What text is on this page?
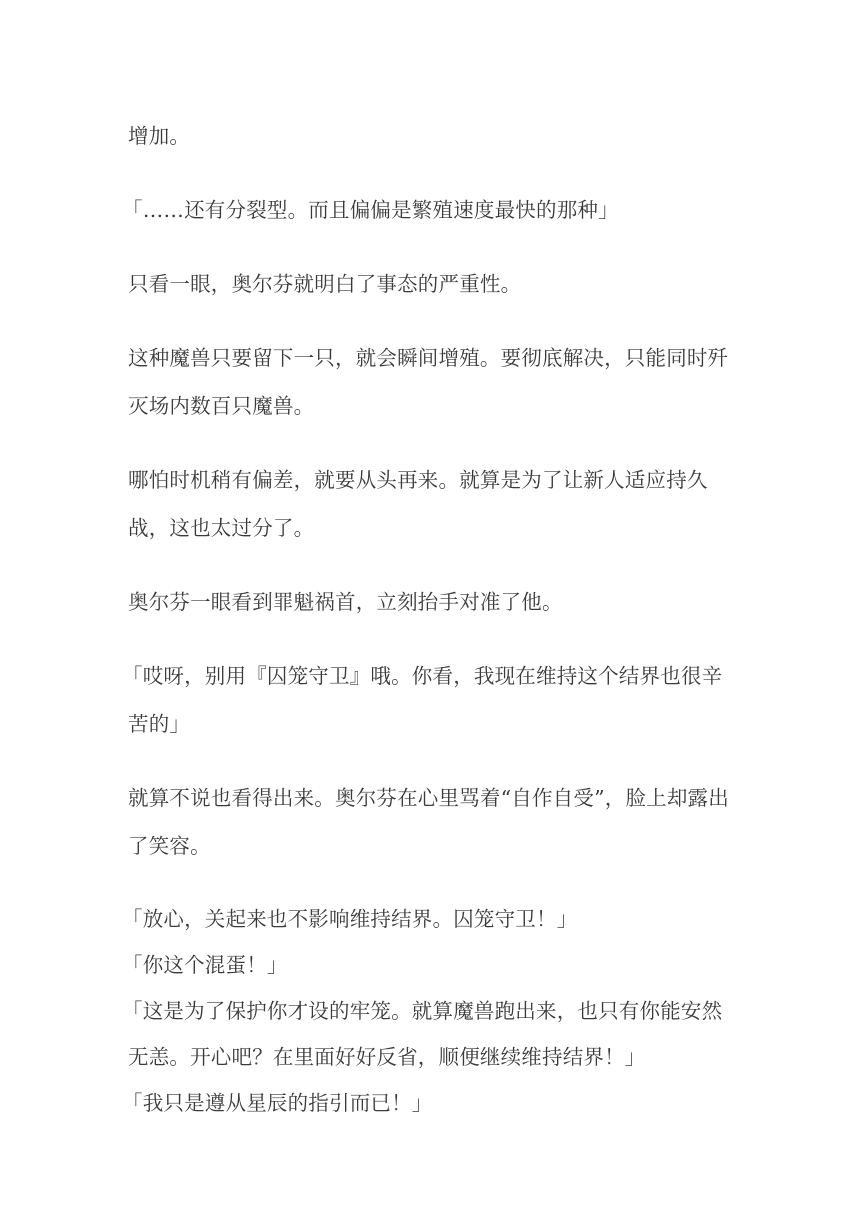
增加。

「……还有分裂型。而且偏偏是繁殖速度最快的那种」

只看一眼，奥尔芬就明白了事态的严重性。

这种魔兽只要留下一只，就会瞬间增殖。要彻底解决，只能同时歼灭场内数百只魔兽。

哪怕时机稍有偏差，就要从头再来。就算是为了让新人适应持久战，这也太过分了。

奥尔芬一眼看到罪魁祸首，立刻抬手对准了他。

「哎呀，别用『囚笼守卫』哦。你看，我现在维持这个结界也很辛苦的」

就算不说也看得出来。奥尔芬在心里骂着“自作自受”，脸上却露出了笑容。

「放心，关起来也不影响维持结界。囚笼守卫！」

「你这个混蛋！」

「这是为了保护你才设的牢笼。就算魔兽跑出来，也只有你能安然无恙。开心吧？在里面好好反省，顺便继续维持结界！」

「我只是遵从星辰的指引而已！」
